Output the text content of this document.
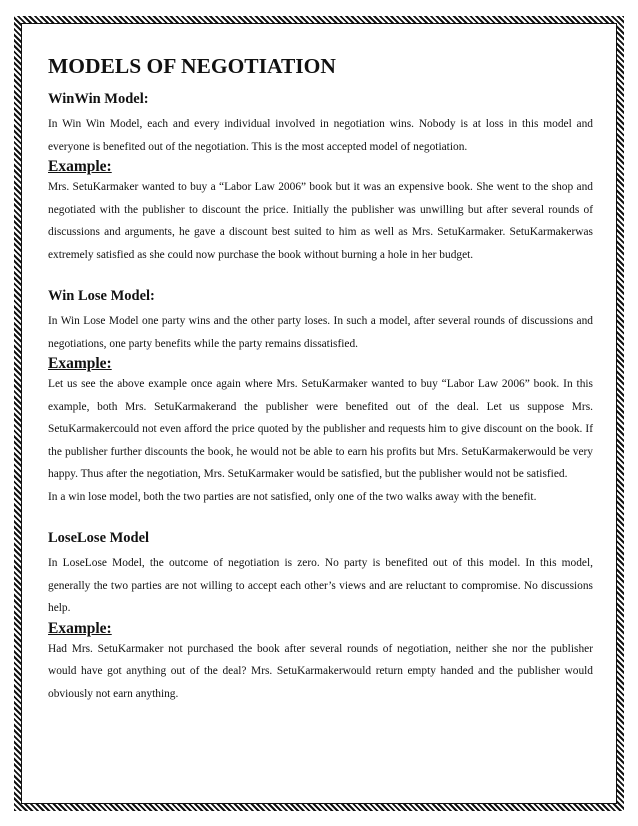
MODELS OF NEGOTIATION
WinWin Model:

In Win Win Model, each and every individual involved in negotiation wins. Nobody is at loss in this model and everyone is benefited out of the negotiation. This is the most accepted model of negotiation.

Example:

Mrs. SetuKarmaker wanted to buy a “Labor Law 2006” book but it was an expensive book. She went to the shop and negotiated with the publisher to discount the price. Initially the publisher was unwilling but after several rounds of discussions and arguments, he gave a discount best suited to him as well as Mrs. SetuKarmaker. SetuKarmakerwas extremely satisfied as she could now purchase the book without burning a hole in her budget.

Win Lose Model:

In Win Lose Model one party wins and the other party loses. In such a model, after several rounds of discussions and negotiations, one party benefits while the party remains dissatisfied.

Example:

Let us see the above example once again where Mrs. SetuKarmaker wanted to buy “Labor Law 2006” book. In this example, both Mrs. SetuKarmakerand the publisher were benefited out of the deal. Let us suppose Mrs. SetuKarmakercould not even afford the price quoted by the publisher and requests him to give discount on the book. If the publisher further discounts the book, he would not be able to earn his profits but Mrs. SetuKarmakerwould be very happy. Thus after the negotiation, Mrs. SetuKarmaker would be satisfied, but the publisher would not be satisfied.

In a win lose model, both the two parties are not satisfied, only one of the two walks away with the benefit.

LoseLose Model

In LoseLose Model, the outcome of negotiation is zero. No party is benefited out of this model. In this model, generally the two parties are not willing to accept each other’s views and are reluctant to compromise. No discussions help.

Example:

Had Mrs. SetuKarmaker not purchased the book after several rounds of negotiation, neither she nor the publisher would have got anything out of the deal? Mrs. SetuKarmakerwould return empty handed and the publisher would obviously not earn anything.
